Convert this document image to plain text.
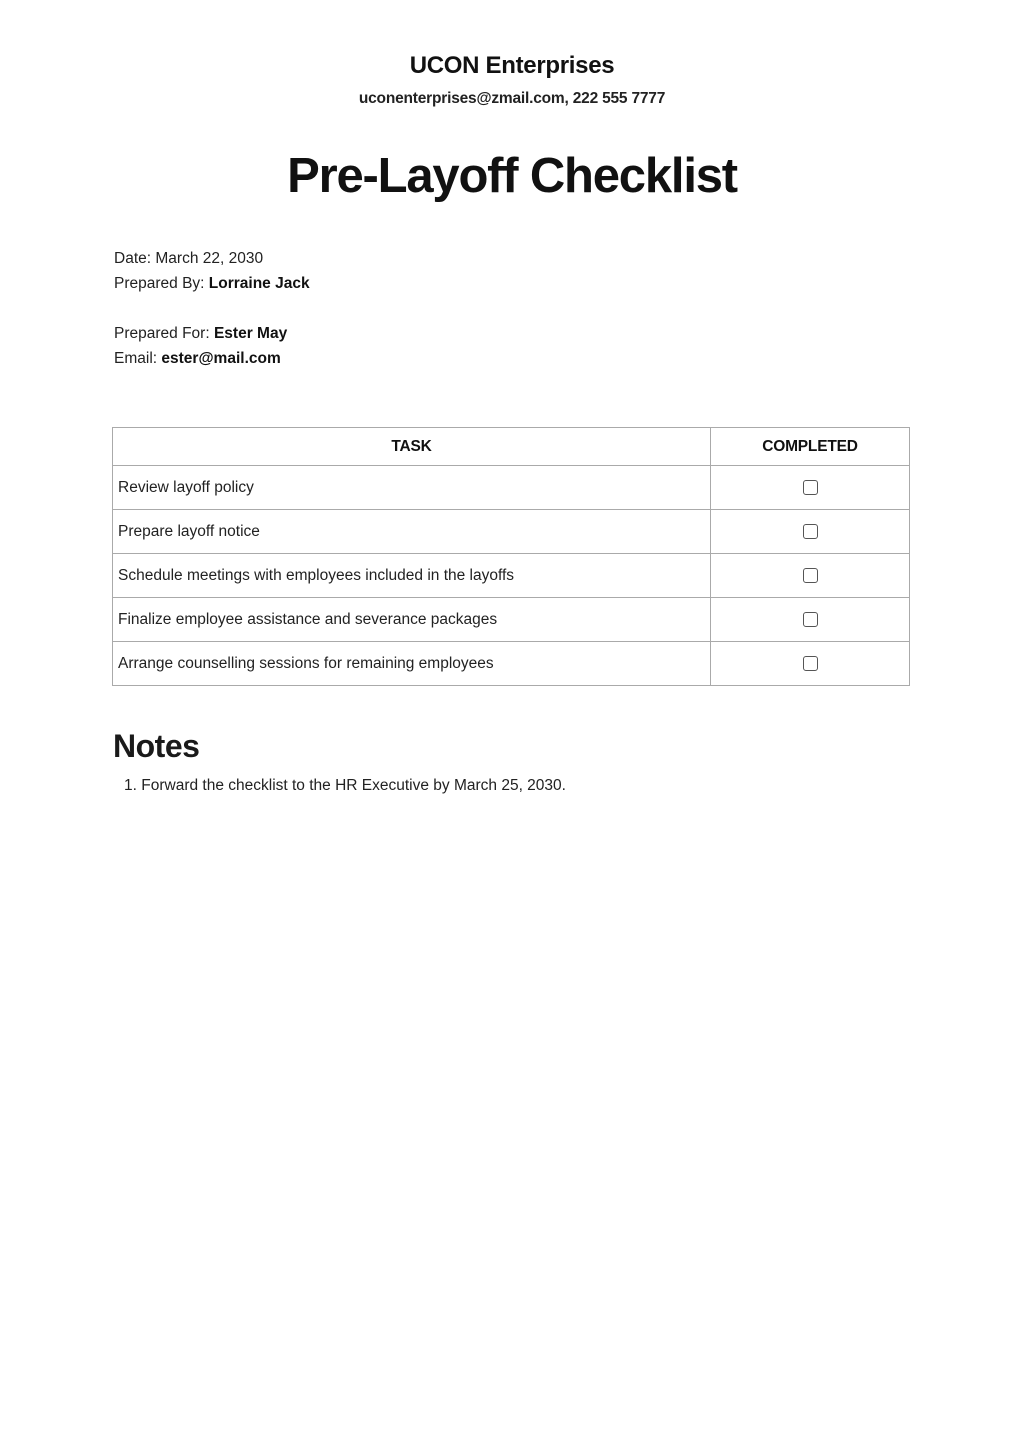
UCON Enterprises
uconenterprises@zmail.com, 222 555 7777
Pre-Layoff Checklist
Date: March 22, 2030
Prepared By: Lorraine Jack
Prepared For: Ester May
Email: ester@mail.com
TASK	COMPLETED
Review layoff policy	
Prepare layoff notice	
Schedule meetings with employees included in the layoffs	
Finalize employee assistance and severance packages	
Arrange counselling sessions for remaining employees	
Notes
1. Forward the checklist to the HR Executive by March 25, 2030.
